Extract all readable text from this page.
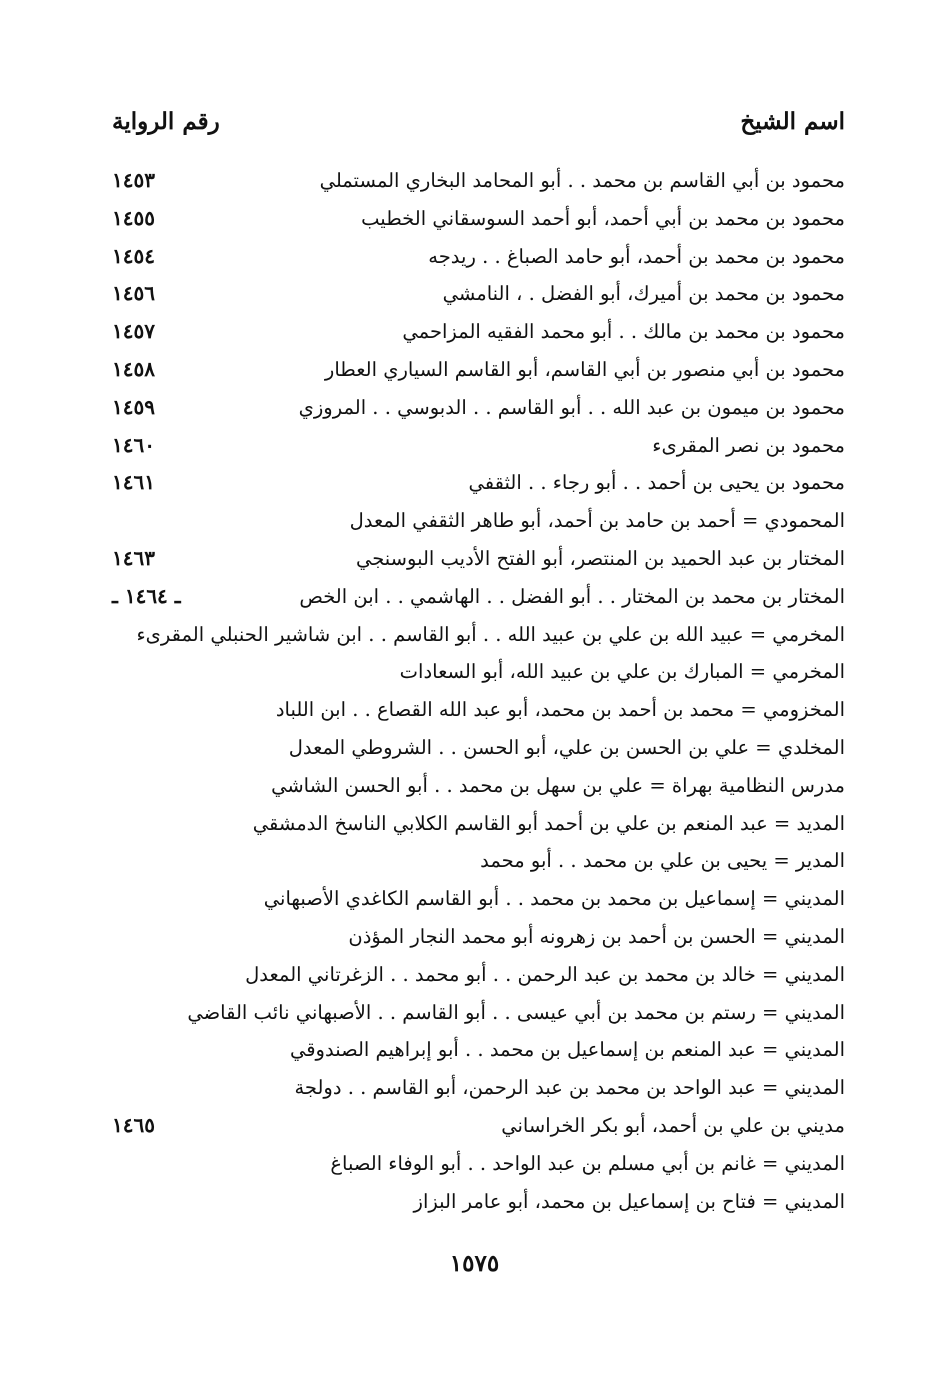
اسم الشيخ
رقم الرواية
محمود بن أبي القاسم بن محمد . . أبو المحامد البخاري المستملي
١٤٥٣
محمود بن محمد بن أبي أحمد، أبو أحمد السوسقاني الخطيب
١٤٥٥
محمود بن محمد بن أحمد، أبو حامد الصباغ . . ريدجه
١٤٥٤
محمود بن محمد بن أميرك، أبو الفضل . ، النامشي
١٤٥٦
محمود بن محمد بن مالك . . أبو محمد الفقيه المزاحمي
١٤٥٧
محمود بن أبي منصور بن أبي القاسم، أبو القاسم السياري العطار
١٤٥٨
محمود بن ميمون بن عبد الله . . أبو القاسم . . الدبوسي . . المروزي
١٤٥٩
محمود بن نصر المقرىء
١٤٦٠
محمود بن يحيى بن أحمد . . أبو رجاء . . الثقفي
١٤٦١
المحمودي = أحمد بن حامد بن أحمد، أبو طاهر الثقفي المعدل
المختار بن عبد الحميد بن المنتصر، أبو الفتح الأديب البوسنجي
١٤٦٣
المختار بن محمد بن المختار . . أبو الفضل . . الهاشمي . . ابن الخص
ـ ١٤٦٤ ـ
المخرمي = عبيد الله بن علي بن عبيد الله . . أبو القاسم . . ابن شاشير الحنبلي المقرىء
المخرمي = المبارك بن علي بن عبيد الله، أبو السعادات
المخزومي = محمد بن أحمد بن محمد، أبو عبد الله القصاع . . ابن اللباد
المخلدي = علي بن الحسن بن علي، أبو الحسن . . الشروطي المعدل
مدرس النظامية بهراة = علي بن سهل بن محمد . . أبو الحسن الشاشي
المديد = عبد المنعم بن علي بن أحمد أبو القاسم الكلابي الناسخ الدمشقي
المدير = يحيى بن علي بن محمد . . أبو محمد
المديني = إسماعيل بن محمد بن محمد . . أبو القاسم الكاغدي الأصبهاني
المديني = الحسن بن أحمد بن زهرونه أبو محمد النجار المؤذن
المديني = خالد بن محمد بن عبد الرحمن . . أبو محمد . . الزغرتاني المعدل
المديني = رستم بن محمد بن أبي عيسى . . أبو القاسم . . الأصبهاني نائب القاضي
المديني = عبد المنعم بن إسماعيل بن محمد . . أبو إبراهيم الصندوقي
المديني = عبد الواحد بن محمد بن عبد الرحمن، أبو القاسم . . دولجة
مديني بن علي بن أحمد، أبو بكر الخراساني
١٤٦٥
المديني = غانم بن أبي مسلم بن عبد الواحد . . أبو الوفاء الصباغ
المديني = فتاح بن إسماعيل بن محمد، أبو عامر البزاز
١٥٧٥
